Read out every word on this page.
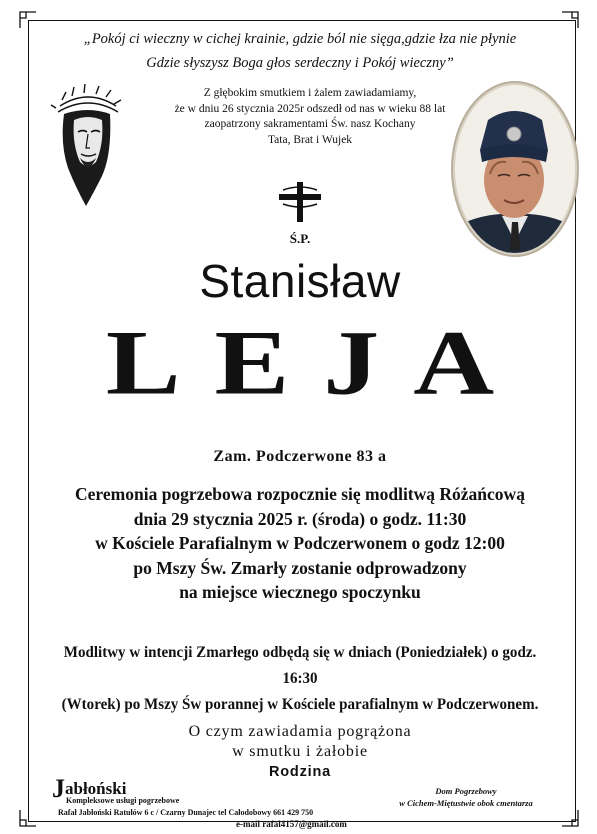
„Pokój ci wieczny w cichej krainie, gdzie ból nie sięga,gdzie łza nie płynie
Gdzie słyszysz Boga głos serdeczny i Pokój wieczny”
Z głębokim smutkiem i żalem zawiadamiamy,
że w dniu 26 stycznia 2025r odszedł od nas w wieku 88 lat
zaopatrzony sakramentami Św. nasz Kochany
Tata, Brat i Wujek
Ś.P.
Stanisław
LEJA
Zam. Podczerwone 83 a
Ceremonia pogrzebowa rozpocznie się modlitwą Różańcową
dnia 29 stycznia 2025 r. (środa) o godz. 11:30
w Kościele Parafialnym w Podczerwonem o godz 12:00
po Mszy Św. Zmarły zostanie odprowadzony
na miejsce wiecznego spoczynku
Modlitwy w intencji Zmarłego odbędą się w dniach (Poniedziałek) o godz. 16:30
(Wtorek) po Mszy Św porannej w Kościele parafialnym w Podczerwonem.
O czym zawiadamia pogrążona
w smutku i żałobie
Rodzina
Jabłoński
Kompleksowe usługi pogrzebowe
Rafał Jabłoński Ratułów 6 c / Czarny Dunajec tel Całodobowy 661 429 750
e-mail rafal4157@gmail.com
Dom Pogrzebowy
w Cichem-Miętustwie obok cmentarza
